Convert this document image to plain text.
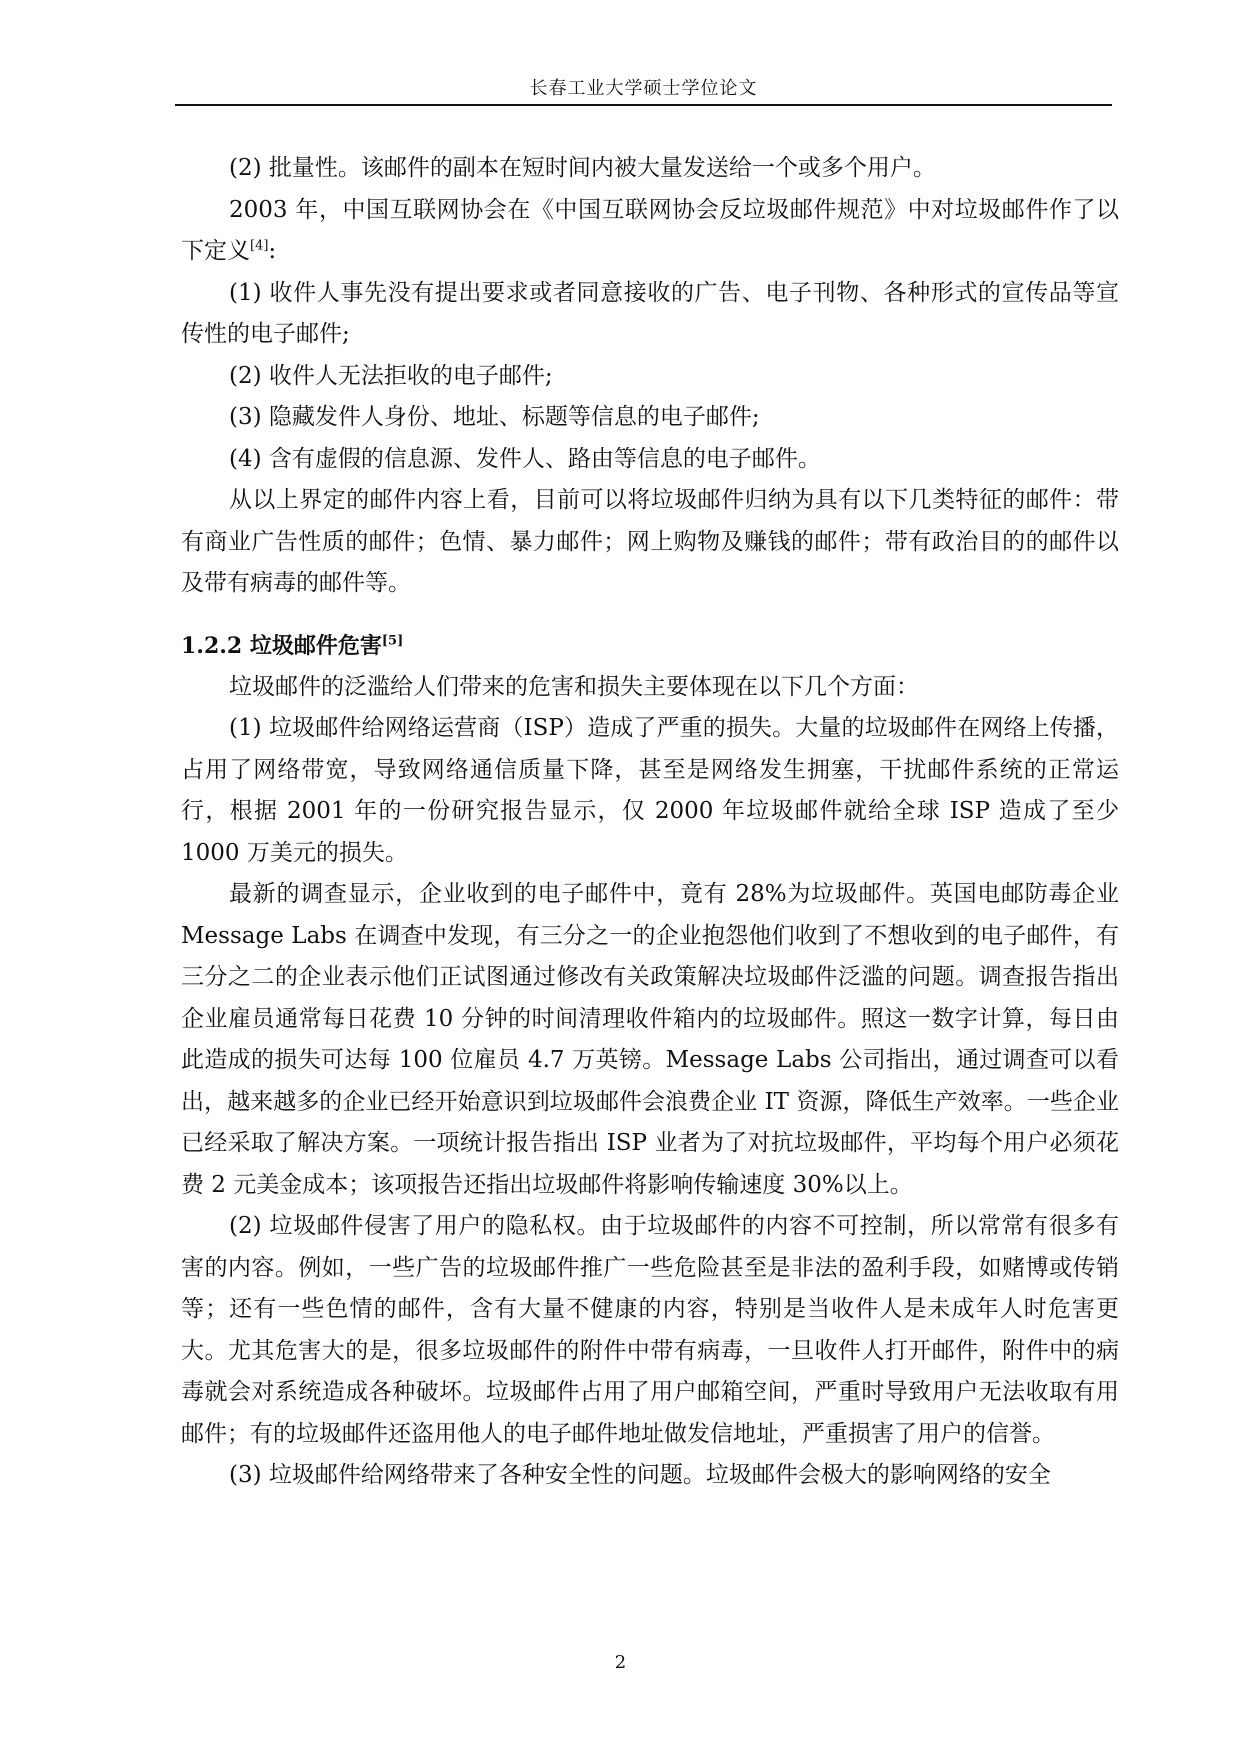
长春工业大学硕士学位论文

(2) 批量性。该邮件的副本在短时间内被大量发送给一个或多个用户。

2003 年，中国互联网协会在《中国互联网协会反垃圾邮件规范》中对垃圾邮件作了以下定义[4]:

(1) 收件人事先没有提出要求或者同意接收的广告、电子刊物、各种形式的宣传品等宣传性的电子邮件;

(2) 收件人无法拒收的电子邮件;

(3) 隐藏发件人身份、地址、标题等信息的电子邮件;

(4) 含有虚假的信息源、发件人、路由等信息的电子邮件。

从以上界定的邮件内容上看，目前可以将垃圾邮件归纳为具有以下几类特征的邮件：带有商业广告性质的邮件；色情、暴力邮件；网上购物及赚钱的邮件；带有政治目的的邮件以及带有病毒的邮件等。

1.2.2 垃圾邮件危害[5]

垃圾邮件的泛滥给人们带来的危害和损失主要体现在以下几个方面：

(1) 垃圾邮件给网络运营商（ISP）造成了严重的损失。大量的垃圾邮件在网络上传播，占用了网络带宽，导致网络通信质量下降，甚至是网络发生拥塞，干扰邮件系统的正常运行，根据 2001 年的一份研究报告显示，仅 2000 年垃圾邮件就给全球 ISP 造成了至少 1000 万美元的损失。

最新的调查显示，企业收到的电子邮件中，竟有 28%为垃圾邮件。英国电邮防毒企业 Message Labs 在调查中发现，有三分之一的企业抱怨他们收到了不想收到的电子邮件，有三分之二的企业表示他们正试图通过修改有关政策解决垃圾邮件泛滥的问题。调查报告指出企业雇员通常每日花费 10 分钟的时间清理收件箱内的垃圾邮件。照这一数字计算，每日由此造成的损失可达每 100 位雇员 4.7 万英镑。Message Labs 公司指出，通过调查可以看出，越来越多的企业已经开始意识到垃圾邮件会浪费企业 IT 资源，降低生产效率。一些企业已经采取了解决方案。一项统计报告指出 ISP 业者为了对抗垃圾邮件，平均每个用户必须花费 2 元美金成本；该项报告还指出垃圾邮件将影响传输速度 30%以上。

(2) 垃圾邮件侵害了用户的隐私权。由于垃圾邮件的内容不可控制，所以常常有很多有害的内容。例如，一些广告的垃圾邮件推广一些危险甚至是非法的盈利手段，如赌博或传销等；还有一些色情的邮件，含有大量不健康的内容，特别是当收件人是未成年人时危害更大。尤其危害大的是，很多垃圾邮件的附件中带有病毒，一旦收件人打开邮件，附件中的病毒就会对系统造成各种破坏。垃圾邮件占用了用户邮箱空间，严重时导致用户无法收取有用邮件；有的垃圾邮件还盗用他人的电子邮件地址做发信地址，严重损害了用户的信誉。

(3) 垃圾邮件给网络带来了各种安全性的问题。垃圾邮件会极大的影响网络的安全

2
